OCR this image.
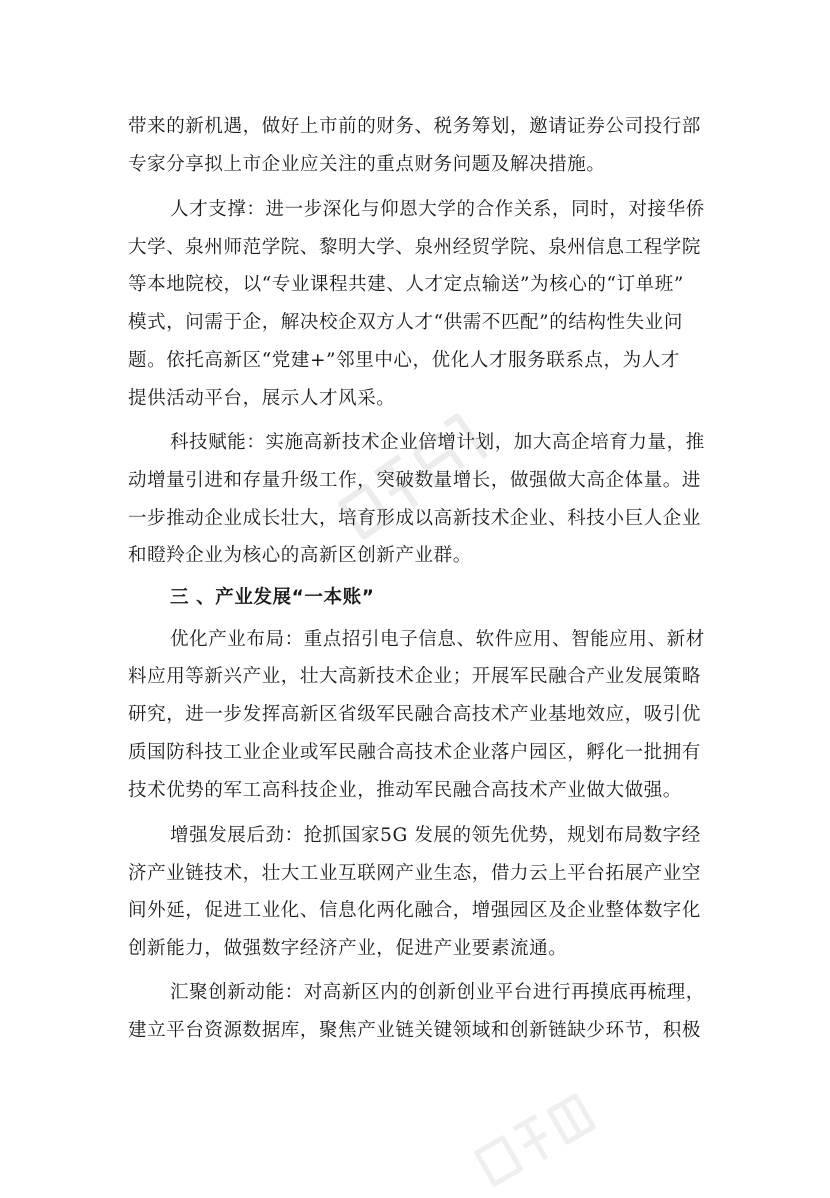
带来的新机遇，做好上市前的财务、税务筹划，邀请证券公司投行部
专家分享拟上市企业应关注的重点财务问题及解决措施。
人才支撑：进一步深化与仰恩大学的合作关系，同时，对接华侨
大学、泉州师范学院、黎明大学、泉州经贸学院、泉州信息工程学院
等本地院校，以“专业课程共建、人才定点输送”为核心的“订单班”
模式，问需于企，解决校企双方人才“供需不匹配”的结构性失业问
题。依托高新区“党建+”邻里中心，优化人才服务联系点，为人才
提供活动平台，展示人才风采。
科技赋能：实施高新技术企业倍增计划，加大高企培育力量，推
动增量引进和存量升级工作，突破数量增长，做强做大高企体量。进
一步推动企业成长壮大，培育形成以高新技术企业、科技小巨人企业
和瞪羚企业为核心的高新区创新产业群。
三 、产业发展“一本账”
优化产业布局：重点招引电子信息、软件应用、智能应用、新材
料应用等新兴产业，壮大高新技术企业；开展军民融合产业发展策略
研究，进一步发挥高新区省级军民融合高技术产业基地效应，吸引优
质国防科技工业企业或军民融合高技术企业落户园区，孵化一批拥有
技术优势的军工高科技企业，推动军民融合高技术产业做大做强。
增强发展后劲：抢抓国家5G 发展的领先优势，规划布局数字经
济产业链技术，壮大工业互联网产业生态，借力云上平台拓展产业空
间外延，促进工业化、信息化两化融合，增强园区及企业整体数字化
创新能力，做强数字经济产业，促进产业要素流通。
汇聚创新动能：对高新区内的创新创业平台进行再摸底再梳理，
建立平台资源数据库，聚焦产业链关键领域和创新链缺少环节，积极
